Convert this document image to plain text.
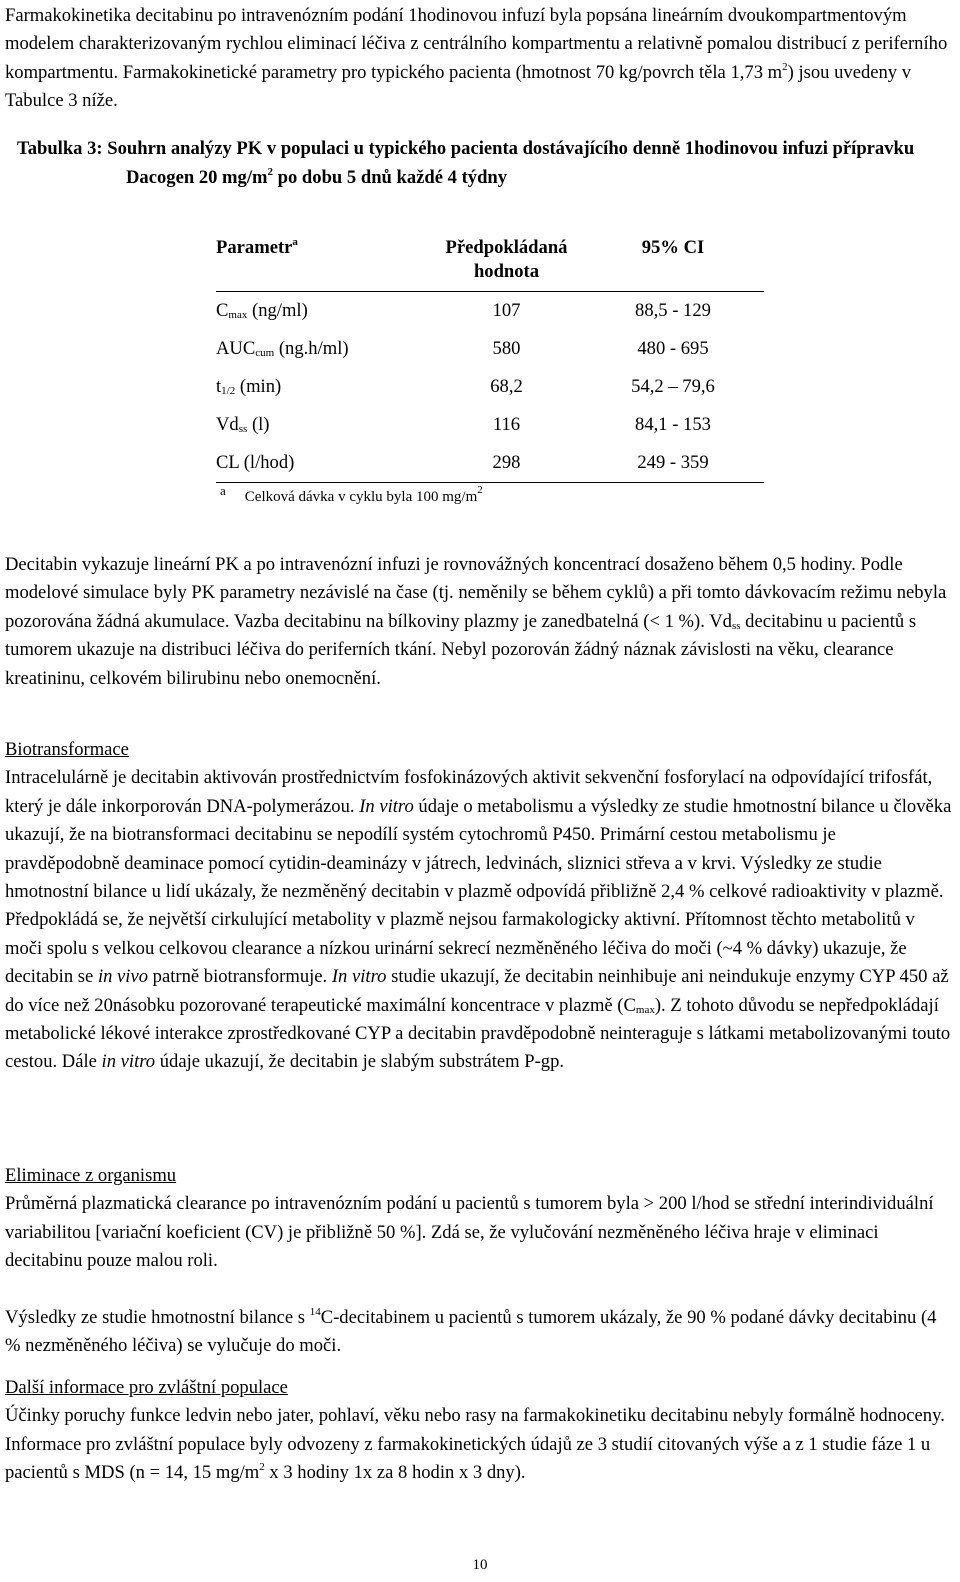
Farmakokinetika decitabinu po intravenózním podání 1hodinovou infuzí byla popsána lineárním dvoukompartmentovým modelem charakterizovaným rychlou eliminací léčiva z centrálního kompartmentu a relativně pomalou distribucí z periferního kompartmentu. Farmakokinetické parametry pro typického pacienta (hmotnost 70 kg/povrch těla 1,73 $m^2$) jsou uvedeny v Tabulce 3 níže.

Tabulka 3: Souhrn analýzy PK v populaci u typického pacienta dostávajícího denně 1hodinovou infuzi přípravku Dacogen 20 $mg/m^2$ po dobu 5 dnů každé 4 týdny

Parametr$^a$	Předpokládaná hodnota	95% CI
$C_{max}$ (ng/ml)	107	88,5 - 129
$AUC_{cum}$ (ng.h/ml)	580	480 - 695
$t_{1/2}$ (min)	68,2	54,2 – 79,6
$Vd_{ss}$ (l)	116	84,1 - 153
CL (l/hod)	298	249 - 359
a Celková dávka v cyklu byla 100 $mg/m^2$

Decitabin vykazuje lineární PK a po intravenózní infuzi je rovnovážných koncentrací dosaženo během 0,5 hodiny. Podle modelové simulace byly PK parametry nezávislé na čase (tj. neměnily se během cyklů) a při tomto dávkovacím režimu nebyla pozorována žádná akumulace. Vazba decitabinu na bílkoviny plazmy je zanedbatelná (< 1 %). $Vd_{ss}$ decitabinu u pacientů s tumorem ukazuje na distribuci léčiva do periferních tkání. Nebyl pozorován žádný náznak závislosti na věku, clearance kreatininu, celkovém bilirubinu nebo onemocnění.

Biotransformace

Intracelulárně je decitabin aktivován prostřednictvím fosfokinázových aktivit sekvenční fosforylací na odpovídající trifosfát, který je dále inkorporován DNA-polymerázou. In vitro údaje o metabolismu a výsledky ze studie hmotnostní bilance u člověka ukazují, že na biotransformaci decitabinu se nepodílí systém cytochromů P450. Primární cestou metabolismu je pravděpodobně deaminace pomocí cytidin-deaminázy v játrech, ledvinách, sliznici střeva a v krvi. Výsledky ze studie hmotnostní bilance u lidí ukázaly, že nezměněný decitabin v plazmě odpovídá přibližně 2,4 % celkové radioaktivity v plazmě. Předpokládá se, že největší cirkulující metabolity v plazmě nejsou farmakologicky aktivní. Přítomnost těchto metabolitů v moči spolu s velkou celkovou clearance a nízkou urinární sekrecí nezměněného léčiva do moči (~4 % dávky) ukazuje, že decitabin se in vivo patrně biotransformuje. In vitro studie ukazují, že decitabin neinhibuje ani neindukuje enzymy CYP 450 až do více než 20násobku pozorované terapeutické maximální koncentrace v plazmě $(C_{max})$. Z tohoto důvodu se nepředpokládají metabolické lékové interakce zprostředkované CYP a decitabin pravděpodobně neinteraguje s látkami metabolizovanými touto cestou. Dále in vitro údaje ukazují, že decitabin je slabým substrátem P-gp.

Eliminace z organismu

Průměrná plazmatická clearance po intravenózním podání u pacientů s tumorem byla > 200 l/hod se střední interindividuální variabilitou [variační koeficient (CV) je přibližně 50 %]. Zdá se, že vylučování nezměněného léčiva hraje v eliminaci decitabinu pouze malou roli.

Výsledky ze studie hmotnostní bilance s $^{14}$C-decitabinem u pacientů s tumorem ukázaly, že 90 % podané dávky decitabinu (4 % nezměněného léčiva) se vylučuje do moči.

Další informace pro zvláštní populace

Účinky poruchy funkce ledvin nebo jater, pohlaví, věku nebo rasy na farmakokinetiku decitabinu nebyly formálně hodnoceny. Informace pro zvláštní populace byly odvozeny z farmakokinetických údajů ze 3 studií citovaných výše a z 1 studie fáze 1 u pacientů s MDS (n = 14, 15 $mg/m^2$ x 3 hodiny 1x za 8 hodin x 3 dny).

10
